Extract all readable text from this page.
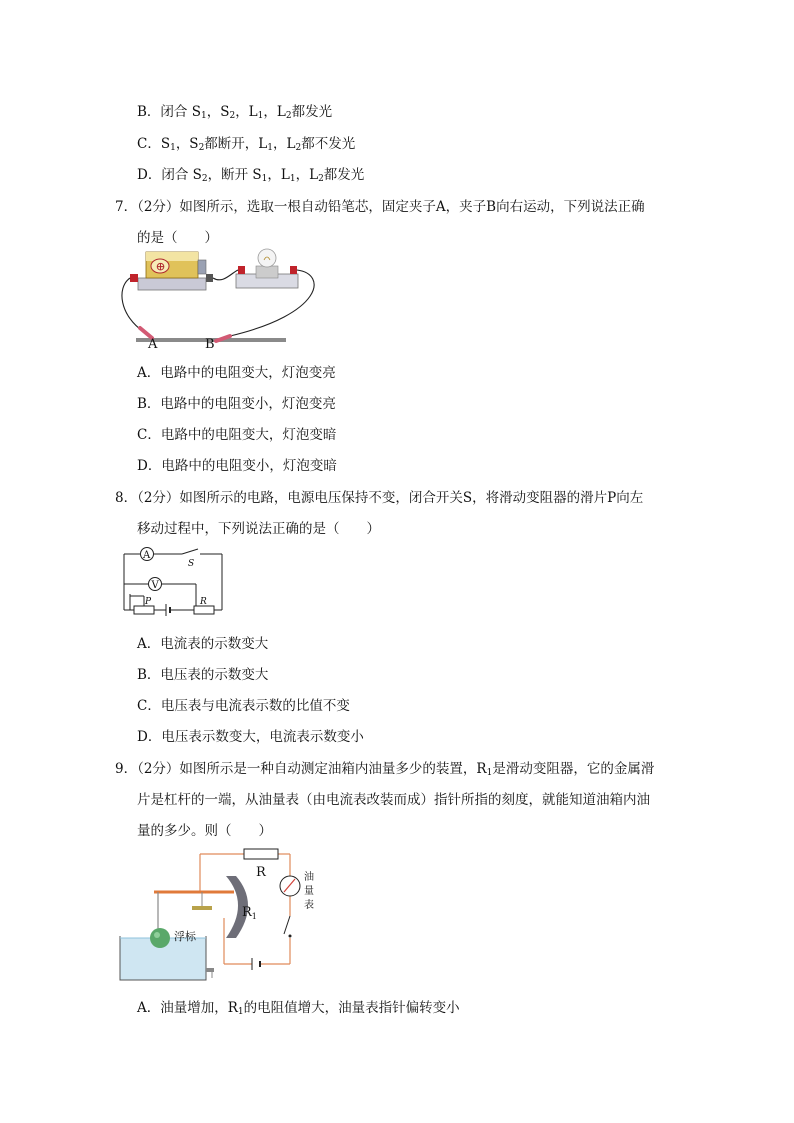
B．闭合 $S_1$，$S_2$，$L_1$，$L_2$都发光
C．$S_1$，$S_2$都断开，$L_1$，$L_2$都不发光
D．闭合 $S_2$，断开 $S_1$，$L_1$，$L_2$都发光
7．（2分）如图所示，选取一根自动铅笔芯，固定夹子A，夹子B向右运动，下列说法正确
的是（　　）
⊕
A	B
A．电路中的电阻变大，灯泡变亮
B．电路中的电阻变小，灯泡变亮
C．电路中的电阻变大，灯泡变暗
D．电路中的电阻变小，灯泡变暗
8．（2分）如图所示的电路，电源电压保持不变，闭合开关S，将滑动变阻器的滑片P向左
移动过程中，下列说法正确的是（　　）
A
V
S
P	R
A．电流表的示数变大
B．电压表的示数变大
C．电压表与电流表示数的比值不变
D．电压表示数变大，电流表示数变小
9．（2分）如图所示是一种自动测定油箱内油量多少的装置，$R_1$是滑动变阻器，它的金属滑
片是杠杆的一端，从油量表（由电流表改装而成）指针所指的刻度，就能知道油箱内油
量的多少。则（　　）
R
$R_1$
浮标
油
量
表
A．油量增加，$R_1$的电阻值增大，油量表指针偏转变小
